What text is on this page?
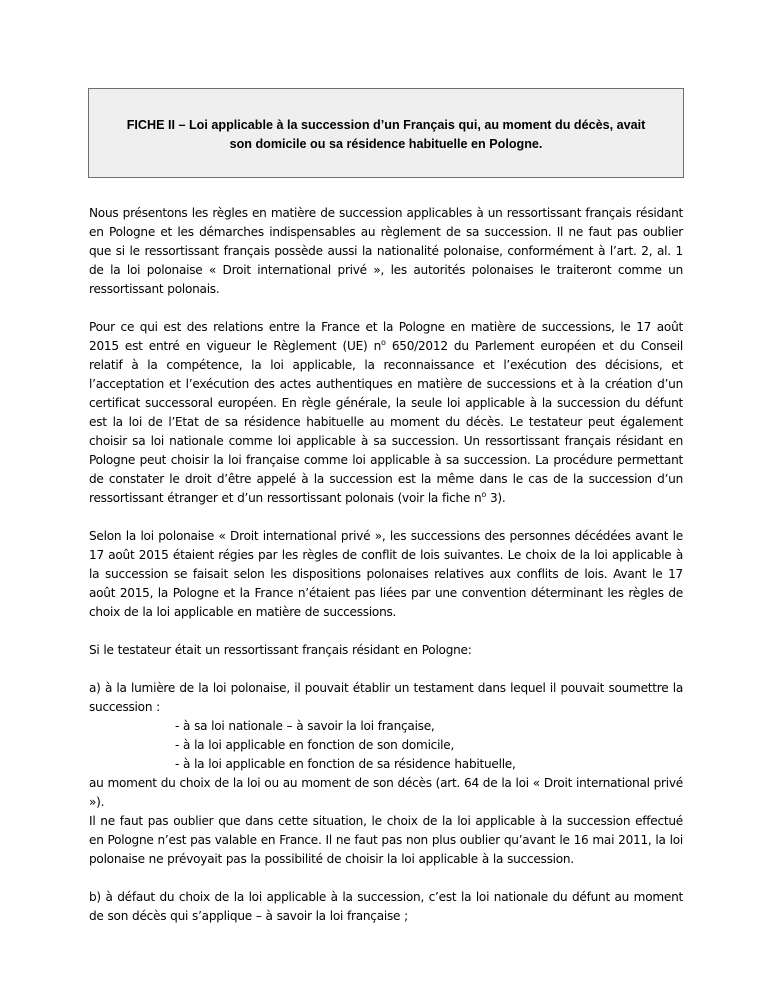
FICHE II – Loi applicable à la succession d’un Français qui, au moment du décès, avait
son domicile ou sa résidence habituelle en Pologne.

Nous présentons les règles en matière de succession applicables à un ressortissant français résidant en Pologne et les démarches indispensables au règlement de sa succession. Il ne faut pas oublier que si le ressortissant français possède aussi la nationalité polonaise, conformément à l’art. 2, al. 1 de la loi polonaise « Droit international privé », les autorités polonaises le traiteront comme un ressortissant polonais.

Pour ce qui est des relations entre la France et la Pologne en matière de successions, le 17 août 2015 est entré en vigueur le Règlement (UE) $n^o$ 650/2012 du Parlement européen et du Conseil relatif à la compétence, la loi applicable, la reconnaissance et l’exécution des décisions, et l’acceptation et l’exécution des actes authentiques en matière de successions et à la création d’un certificat successoral européen. En règle générale, la seule loi applicable à la succession du défunt est la loi de l’Etat de sa résidence habituelle au moment du décès. Le testateur peut également choisir sa loi nationale comme loi applicable à sa succession. Un ressortissant français résidant en Pologne peut choisir la loi française comme loi applicable à sa succession. La procédure permettant de constater le droit d’être appelé à la succession est la même dans le cas de la succession d’un ressortissant étranger et d’un ressortissant polonais (voir la fiche $n^o$ 3).

Selon la loi polonaise « Droit international privé », les successions des personnes décédées avant le 17 août 2015 étaient régies par les règles de conflit de lois suivantes. Le choix de la loi applicable à la succession se faisait selon les dispositions polonaises relatives aux conflits de lois. Avant le 17 août 2015, la Pologne et la France n’étaient pas liées par une convention déterminant les règles de choix de la loi applicable en matière de successions.

Si le testateur était un ressortissant français résidant en Pologne:

a) à la lumière de la loi polonaise, il pouvait établir un testament dans lequel il pouvait soumettre la succession :

- à sa loi nationale – à savoir la loi française,
- à la loi applicable en fonction de son domicile,
- à la loi applicable en fonction de sa résidence habituelle,

au moment du choix de la loi ou au moment de son décès (art. 64 de la loi « Droit international privé »).

Il ne faut pas oublier que dans cette situation, le choix de la loi applicable à la succession effectué en Pologne n’est pas valable en France. Il ne faut pas non plus oublier qu’avant le 16 mai 2011, la loi polonaise ne prévoyait pas la possibilité de choisir la loi applicable à la succession.

b) à défaut du choix de la loi applicable à la succession, c’est la loi nationale du défunt au moment de son décès qui s’applique – à savoir la loi française ;
